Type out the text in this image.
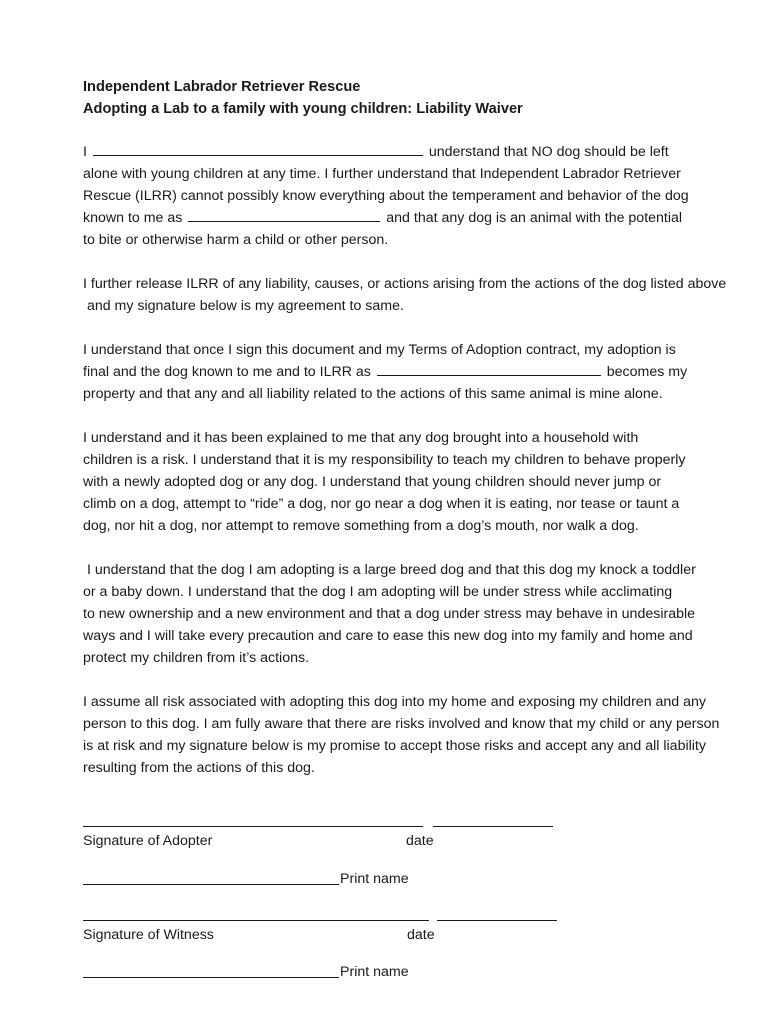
Independent Labrador Retriever Rescue
Adopting a Lab to a family with young children: Liability Waiver
I	understand that NO dog should be left
alone with young children at any time. I further understand that Independent Labrador Retriever
Rescue (ILRR) cannot possibly know everything about the temperament and behavior of the dog
known to me as	and that any dog is an animal with the potential
to bite or otherwise harm a child or other person.
I further release ILRR of any liability, causes, or actions arising from the actions of the dog listed above
and my signature below is my agreement to same.
I understand that once I sign this document and my Terms of Adoption contract, my adoption is
final and the dog known to me and to ILRR as	becomes my
property and that any and all liability related to the actions of this same animal is mine alone.
I understand and it has been explained to me that any dog brought into a household with
children is a risk. I understand that it is my responsibility to teach my children to behave properly
with a newly adopted dog or any dog. I understand that young children should never jump or
climb on a dog, attempt to “ride” a dog, nor go near a dog when it is eating, nor tease or taunt a
dog, nor hit a dog, nor attempt to remove something from a dog’s mouth, nor walk a dog.
I understand that the dog I am adopting is a large breed dog and that this dog my knock a toddler
or a baby down. I understand that the dog I am adopting will be under stress while acclimating
to new ownership and a new environment and that a dog under stress may behave in undesirable
ways and I will take every precaution and care to ease this new dog into my family and home and
protect my children from it’s actions.
I assume all risk associated with adopting this dog into my home and exposing my children and any
person to this dog. I am fully aware that there are risks involved and know that my child or any person
is at risk and my signature below is my promise to accept those risks and accept any and all liability
resulting from the actions of this dog.
Signature of Adopter	date
Print name
Signature of Witness	date
Print name
